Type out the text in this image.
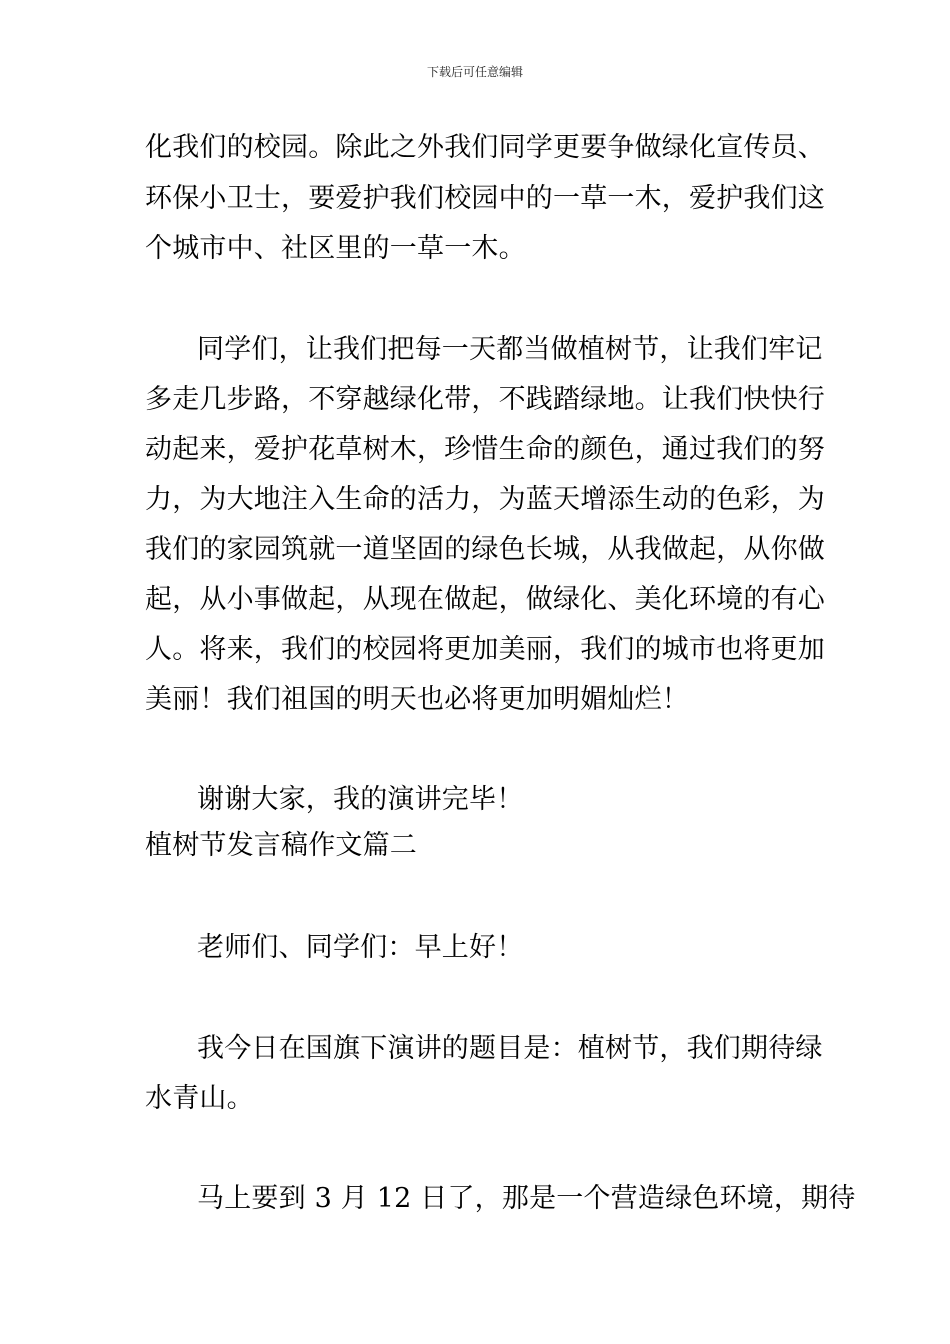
下载后可任意编辑
化我们的校园。除此之外我们同学更要争做绿化宣传员、
环保小卫士，要爱护我们校园中的一草一木，爱护我们这
个城市中、社区里的一草一木。
同学们，让我们把每一天都当做植树节，让我们牢记
多走几步路，不穿越绿化带，不践踏绿地。让我们快快行
动起来，爱护花草树木，珍惜生命的颜色，通过我们的努
力，为大地注入生命的活力，为蓝天增添生动的色彩，为
我们的家园筑就一道坚固的绿色长城，从我做起，从你做
起，从小事做起，从现在做起，做绿化、美化环境的有心
人。将来，我们的校园将更加美丽，我们的城市也将更加
美丽！我们祖国的明天也必将更加明媚灿烂！
谢谢大家，我的演讲完毕！
植树节发言稿作文篇二
老师们、同学们：早上好！
我今日在国旗下演讲的题目是：植树节，我们期待绿
水青山。
马上要到 3 月 12 日了，那是一个营造绿色环境，期待
